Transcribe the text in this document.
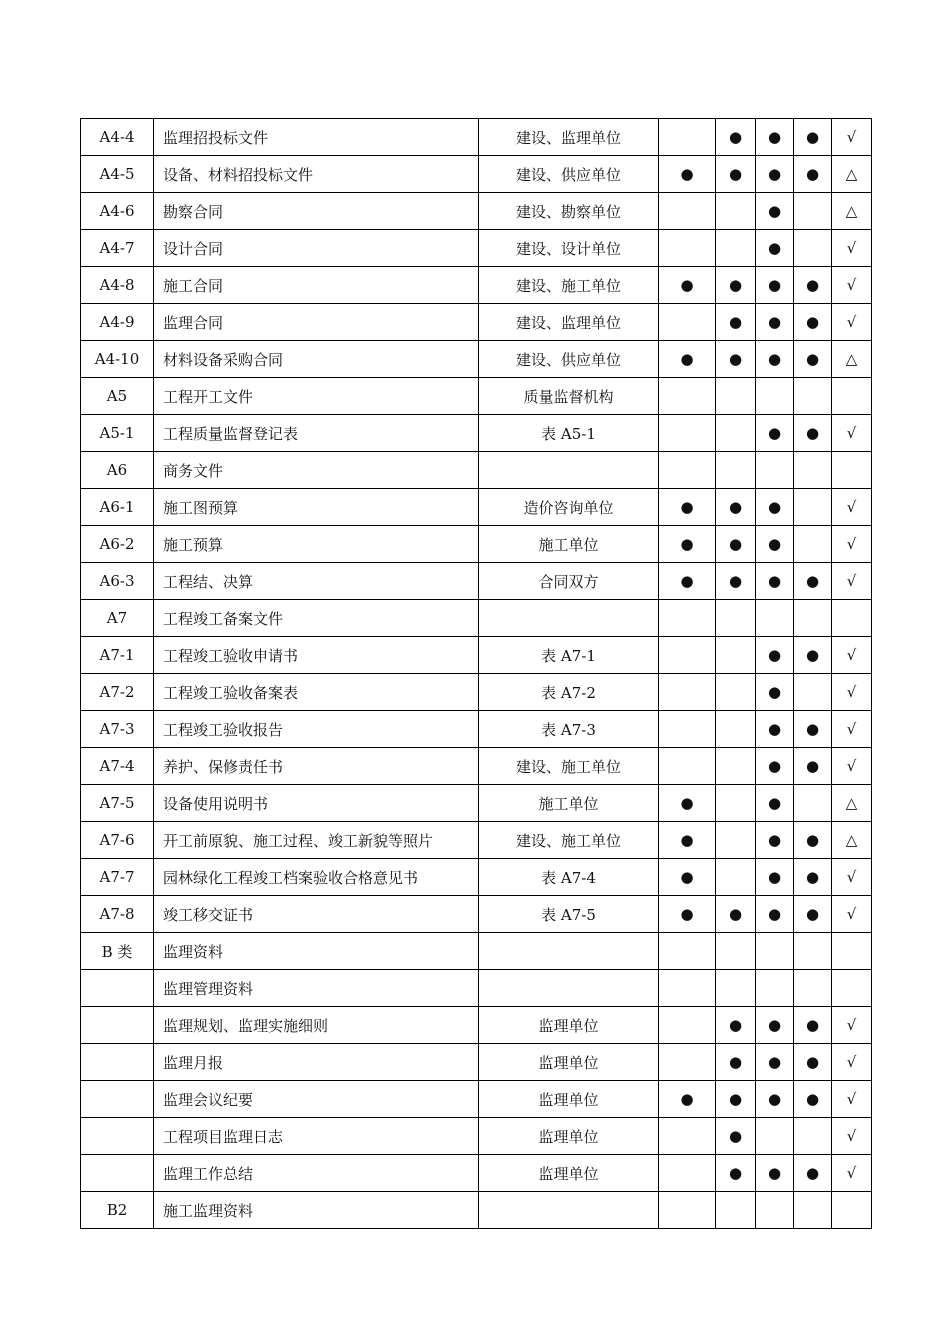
A4-4	监理招投标文件	建设、监理单位		●	●	●	√
A4-5	设备、材料招投标文件	建设、供应单位	●	●	●	●	△
A4-6	勘察合同	建设、勘察单位			●		△
A4-7	设计合同	建设、设计单位			●		√
A4-8	施工合同	建设、施工单位	●	●	●	●	√
A4-9	监理合同	建设、监理单位		●	●	●	√
A4-10	材料设备采购合同	建设、供应单位	●	●	●	●	△
A5	工程开工文件	质量监督机构					
A5-1	工程质量监督登记表	表 A5-1			●	●	√
A6	商务文件						
A6-1	施工图预算	造价咨询单位	●	●	●		√
A6-2	施工预算	施工单位	●	●	●		√
A6-3	工程结、决算	合同双方	●	●	●	●	√
A7	工程竣工备案文件						
A7-1	工程竣工验收申请书	表 A7-1			●	●	√
A7-2	工程竣工验收备案表	表 A7-2			●		√
A7-3	工程竣工验收报告	表 A7-3			●	●	√
A7-4	养护、保修责任书	建设、施工单位			●	●	√
A7-5	设备使用说明书	施工单位	●		●		△
A7-6	开工前原貌、施工过程、竣工新貌等照片	建设、施工单位	●		●	●	△
A7-7	园林绿化工程竣工档案验收合格意见书	表 A7-4	●		●	●	√
A7-8	竣工移交证书	表 A7-5	●	●	●	●	√
B 类	监理资料						
	监理管理资料						
	监理规划、监理实施细则	监理单位		●	●	●	√
	监理月报	监理单位		●	●	●	√
	监理会议纪要	监理单位	●	●	●	●	√
	工程项目监理日志	监理单位		●			√
	监理工作总结	监理单位		●	●	●	√
B2	施工监理资料						
